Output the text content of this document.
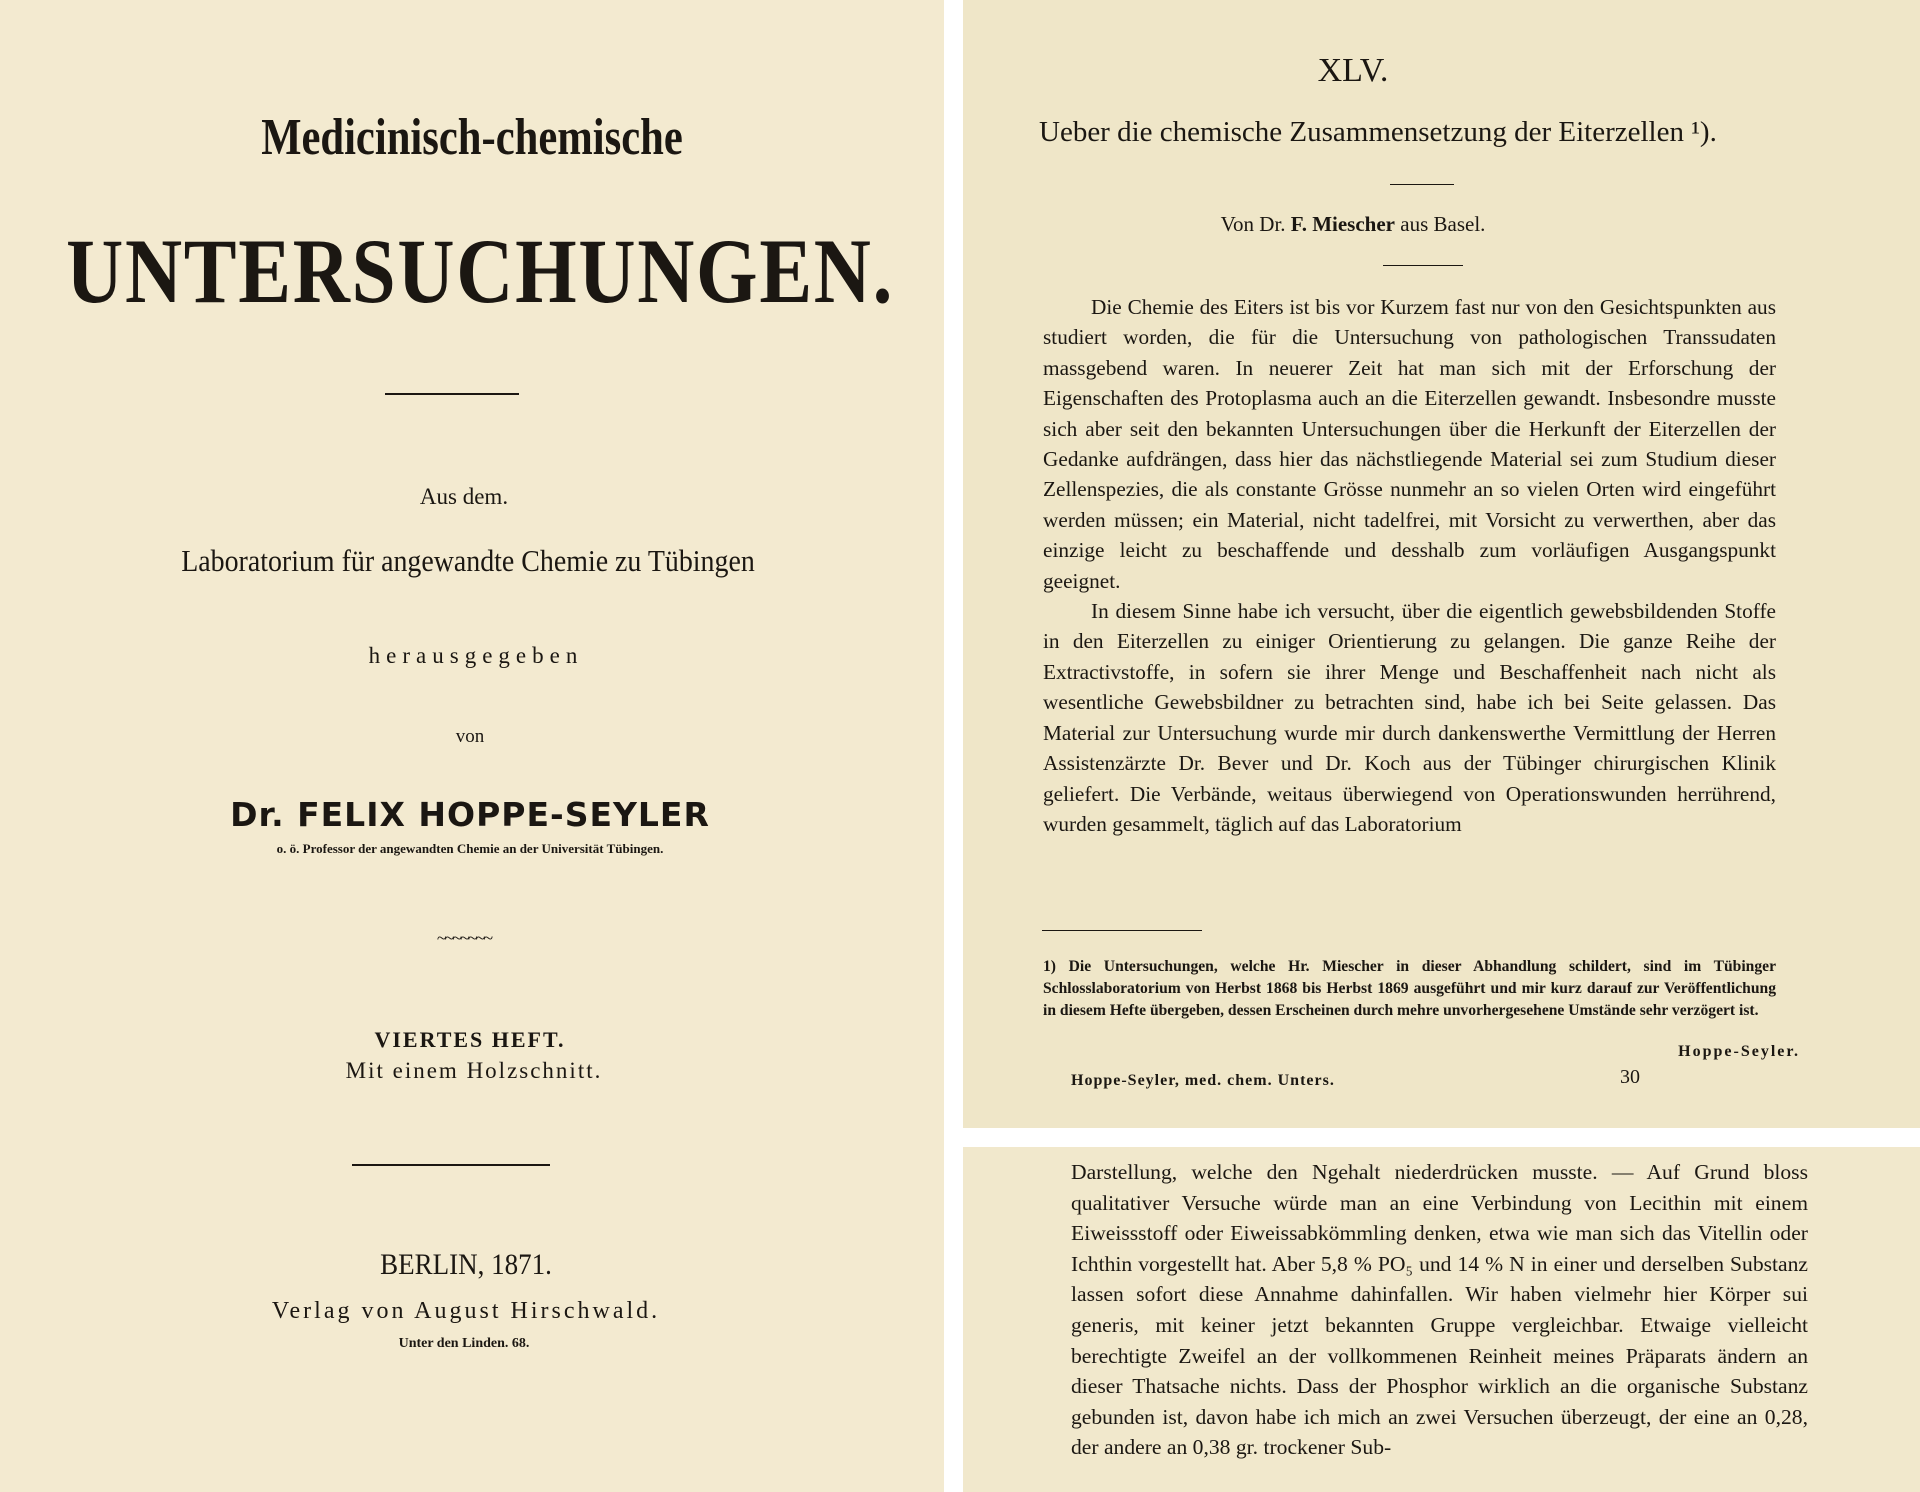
Medicinisch-chemische
UNTERSUCHUNGEN.
Aus dem.
Laboratorium für angewandte Chemie zu Tübingen
herausgegeben
von
Dr. FELIX HOPPE-SEYLER
o. ö. Professor der angewandten Chemie an der Universität Tübingen.
~~~~~~~
VIERTES HEFT.
Mit einem Holzschnitt.
BERLIN, 1871.
Verlag von August Hirschwald.
Unter den Linden. 68.
XLV.
Ueber die chemische Zusammensetzung der Eiterzellen ¹).
Von Dr. F. Miescher aus Basel.

Die Chemie des Eiters ist bis vor Kurzem fast nur von den Gesichtspunkten aus studiert worden, die für die Untersuchung von pathologischen Transsudaten massgebend waren. In neuerer Zeit hat man sich mit der Erforschung der Eigenschaften des Protoplasma auch an die Eiterzellen gewandt. Insbesondre musste sich aber seit den bekannten Untersuchungen über die Herkunft der Eiterzellen der Gedanke aufdrängen, dass hier das nächstliegende Material sei zum Studium dieser Zellenspezies, die als constante Grösse nunmehr an so vielen Orten wird eingeführt werden müssen; ein Material, nicht tadelfrei, mit Vorsicht zu verwerthen, aber das einzige leicht zu beschaffende und desshalb zum vorläufigen Ausgangspunkt geeignet.

In diesem Sinne habe ich versucht, über die eigentlich gewebsbildenden Stoffe in den Eiterzellen zu einiger Orientierung zu gelangen. Die ganze Reihe der Extractivstoffe, in sofern sie ihrer Menge und Beschaffenheit nach nicht als wesentliche Gewebsbildner zu betrachten sind, habe ich bei Seite gelassen. Das Material zur Untersuchung wurde mir durch dankenswerthe Vermittlung der Herren Assistenzärzte Dr. Bever und Dr. Koch aus der Tübinger chirurgischen Klinik geliefert. Die Verbände, weitaus überwiegend von Operationswunden herrührend, wurden gesammelt, täglich auf das Laboratorium

1) Die Untersuchungen, welche Hr. Miescher in dieser Abhandlung schildert, sind im Tübinger Schlosslaboratorium von Herbst 1868 bis Herbst 1869 ausgeführt und mir kurz darauf zur Veröffentlichung in diesem Hefte übergeben, dessen Erscheinen durch mehre unvorhergesehene Umstände sehr verzögert ist.
Hoppe-Seyler.
Hoppe-Seyler, med. chem. Unters.	30

Darstellung, welche den Ngehalt niederdrücken musste. — Auf Grund bloss qualitativer Versuche würde man an eine Verbindung von Lecithin mit einem Eiweissstoff oder Eiweissabkömmling denken, etwa wie man sich das Vitellin oder Ichthin vorgestellt hat. Aber 5,8 % PO₅ und 14 % N in einer und derselben Substanz lassen sofort diese Annahme dahinfallen. Wir haben vielmehr hier Körper sui generis, mit keiner jetzt bekannten Gruppe vergleichbar. Etwaige vielleicht berechtigte Zweifel an der vollkommenen Reinheit meines Präparats ändern an dieser Thatsache nichts. Dass der Phosphor wirklich an die organische Substanz gebunden ist, davon habe ich mich an zwei Versuchen überzeugt, der eine an 0,28, der andere an 0,38 gr. trockener Sub-
